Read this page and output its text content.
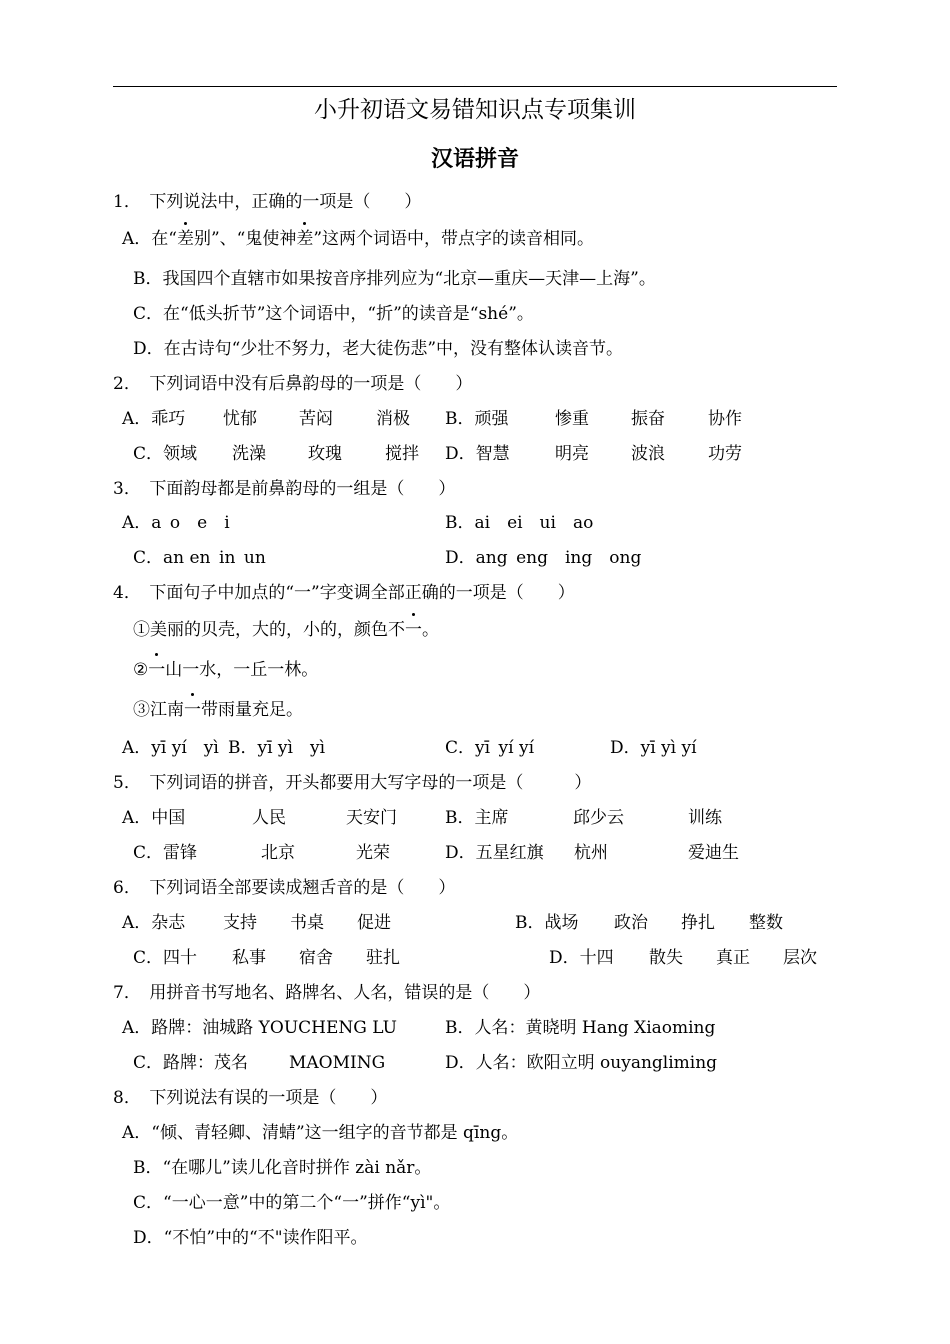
小升初语文易错知识点专项集训
汉语拼音
1．　下列说法中，正确的一项是（　　）
A．在“差别”、“鬼使神差”这两个词语中，带点字的读音相同。
B．我国四个直辖市如果按音序排列应为“北京—重庆—天津—上海”。
C．在“低头折节”这个词语中，“折”的读音是“shé”。
D．在古诗句“少壮不努力，老大徒伤悲”中，没有整体认读音节。
2．　下列词语中没有后鼻韵母的一项是（　　）
A．乖巧 忧郁 苦闷	消极 B．顽强	惨重 振奋	协作
C．领域 洗澡 玫瑰	搅拌 D．智慧	明亮 波浪	功劳
3．　下面韵母都是前鼻韵母的一组是（　　）
A．a o e i	B．ai ei ui ao
C．an en in un	D．ang eng ing ong
4．　下面句子中加点的“一”字变调全部正确的一项是（　　）
①美丽的贝壳，大的，小的，颜色不一。
②一山一水，一丘一林。
③江南一带雨量充足。
A．yī yí yì B．yī yì yì	C．yī yí yí	D．yī yì yí
5．　下列词语的拼音，开头都要用大写字母的一项是（　　　）
A．中国	人民	天安门	B．主席	邱少云	训练
C．雷锋	北京	光荣	D．五星红旗 杭州	爱迪生
6．　下列词语全部要读成翘舌音的是（　　）
A．杂志 支持 书桌 促进	B．战场 政治 挣扎 整数
C．四十 私事 宿舍 驻扎	D．十四 散失 真正 层次
7．　用拼音书写地名、路牌名、人名，错误的是（　　）
A．路牌：油城路 YOUCHENG LU	B．人名：黄晓明 Hang Xiaoming
C．路牌：茂名 MAOMING	D．人名：欧阳立明 ouyangliming
8．　下列说法有误的一项是（　　）
A．“倾、青轻卿、清蜻”这一组字的音节都是 qīng。
B．“在哪儿”读儿化音时拼作 zài nǎr。
C．“一心一意”中的第二个“一”拼作“yì"。
D．“不怕”中的“不"读作阳平。
